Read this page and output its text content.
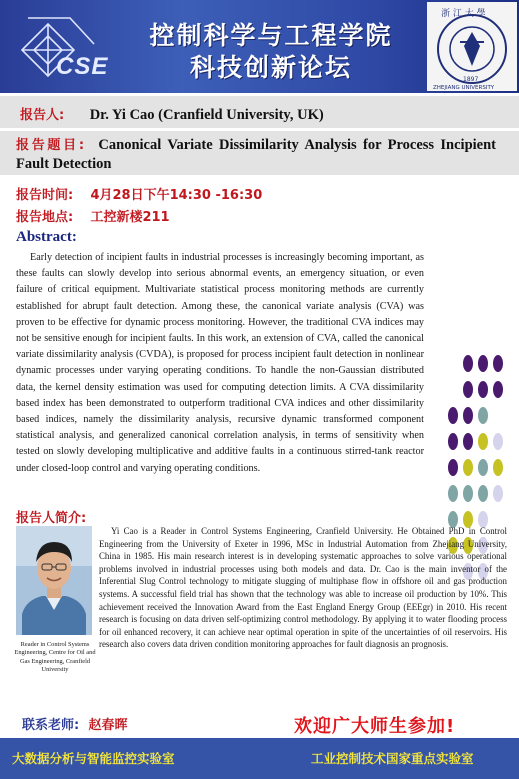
CSE
控制科学与工程学院
科技创新论坛
浙 江 大 學
1897
ZHEJIANG UNIVERSITY
报告人: Dr. Yi Cao (Cranfield University, UK)
报告题目: Canonical Variate Dissimilarity Analysis for Process Incipient Fault Detection
报告时间: 4月28日下午14:30 -16:30
报告地点: 工控新楼211
Abstract:
Early detection of incipient faults in industrial processes is increasingly becoming important, as these faults can slowly develop into serious abnormal events, an emergency situation, or even failure of critical equipment. Multivariate statistical process monitoring methods are currently established for abrupt fault detection. Among these, the canonical variate analysis (CVA) was proven to be effective for dynamic process monitoring. However, the traditional CVA indices may not be sensitive enough for incipient faults. In this work, an extension of CVA, called the canonical variate dissimilarity analysis (CVDA), is proposed for process incipient fault detection in nonlinear dynamic processes under varying operating conditions. To handle the non-Gaussian distributed data, the kernel density estimation was used for computing detection limits. A CVA dissimilarity based index has been demonstrated to outperform traditional CVA indices and other dissimilarity based indices, namely the dissimilarity analysis, recursive dynamic transformed component statistical analysis, and generalized canonical correlation analysis, in terms of sensitivity when tested on slowly developing multiplicative and additive faults in a continuous stirred-tank reactor under closed-loop control and varying operating conditions.
报告人简介:
Reader in Control Systems Engineering, Centre for Oil and Gas Engineering, Cranfield University
Yi Cao is a Reader in Control Systems Engineering, Cranfield University. He Obtained PhD in Control Engineering from the University of Exeter in 1996, MSc in Industrial Automation from Zhejiang University, China in 1985. His main research interest is in developing systematic approaches to solve various operational problems involved in industrial processes using both models and data. Dr. Cao is the main inventor of the Inferential Slug Control technology to mitigate slugging of multiphase flow in offshore oil and gas production systems. A successful field trial has shown that the technology was able to increase oil production by 10%. This achievement received the Innovation Award from the East England Energy Group (EEEgr) in 2010. His recent research is focusing on data driven self-optimizing control methodology. By applying it to water flooding process for oil enhanced recovery, it can achieve near optimal operation in spite of the uncertainties of oil reservoirs. His research also covers data driven condition monitoring approaches for fault diagnosis an prognosis.
联系老师: 赵春晖	欢迎广大师生参加!
大数据分析与智能监控实验室	工业控制技术国家重点实验室
